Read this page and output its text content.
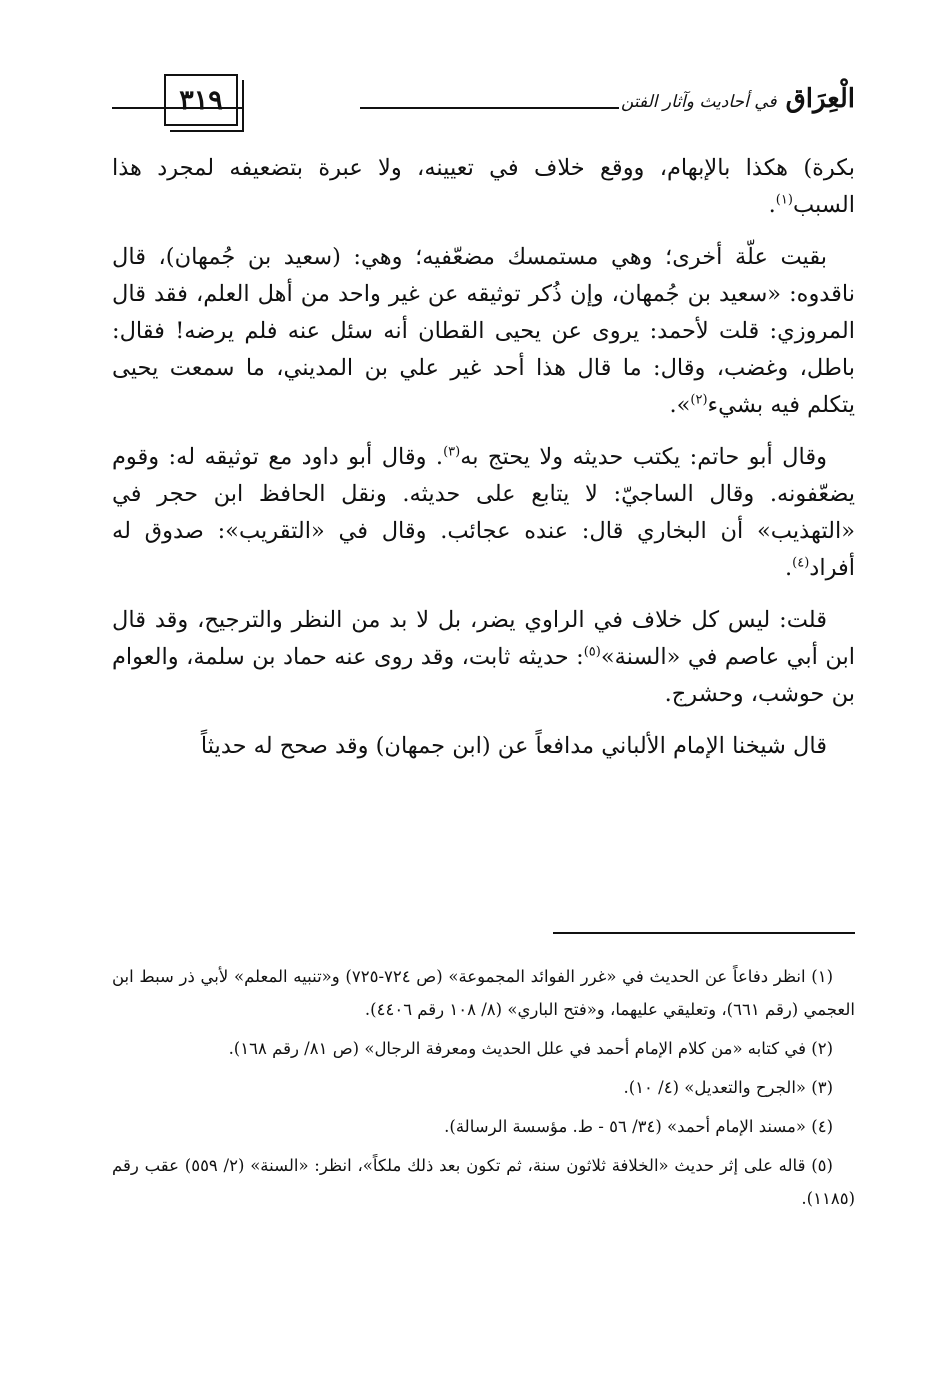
٣١٩	الْعِرَاق في أحاديث وآثار الفتن

بكرة) هكذا بالإبهام، ووقع خلاف في تعيينه، ولا عبرة بتضعيفه لمجرد هذا السبب$^{(١)}$.

بقيت علّة أخرى؛ وهي مستمسك مضعّفيه؛ وهي: (سعيد بن جُمهان)، قال ناقدوه: «سعيد بن جُمهان، وإن ذُكر توثيقه عن غير واحد من أهل العلم، فقد قال المروزي: قلت لأحمد: يروى عن يحيى القطان أنه سئل عنه فلم يرضه! فقال: باطل، وغضب، وقال: ما قال هذا أحد غير علي بن المديني، ما سمعت يحيى يتكلم فيه بشيء$^{(٢)}$».

وقال أبو حاتم: يكتب حديثه ولا يحتج به$^{(٣)}$. وقال أبو داود مع توثيقه له: وقوم يضعّفونه. وقال الساجيّ: لا يتابع على حديثه. ونقل الحافظ ابن حجر في «التهذيب» أن البخاري قال: عنده عجائب. وقال في «التقريب»: صدوق له أفراد$^{(٤)}$.

قلت: ليس كل خلاف في الراوي يضر، بل لا بد من النظر والترجيح، وقد قال ابن أبي عاصم في «السنة»$^{(٥)}$: حديثه ثابت، وقد روى عنه حماد بن سلمة، والعوام بن حوشب، وحشرج.

قال شيخنا الإمام الألباني مدافعاً عن (ابن جمهان) وقد صحح له حديثاً

(١) انظر دفاعاً عن الحديث في «غرر الفوائد المجموعة» (ص ٧٢٤-٧٢٥) و«تنبيه المعلم» لأبي ذر سبط ابن العجمي (رقم ٦٦١)، وتعليقي عليهما، و«فتح الباري» (٨/ ١٠٨ رقم ٤٤٠٦).

(٢) في كتابه «من كلام الإمام أحمد في علل الحديث ومعرفة الرجال» (ص ٨١/ رقم ١٦٨).

(٣) «الجرح والتعديل» (٤/ ١٠).

(٤) «مسند الإمام أحمد» (٣٤/ ٥٦ - ط. مؤسسة الرسالة).

(٥) قاله على إثر حديث «الخلافة ثلاثون سنة، ثم تكون بعد ذلك ملكاً»، انظر: «السنة» (٢/ ٥٥٩) عقب رقم (١١٨٥).
